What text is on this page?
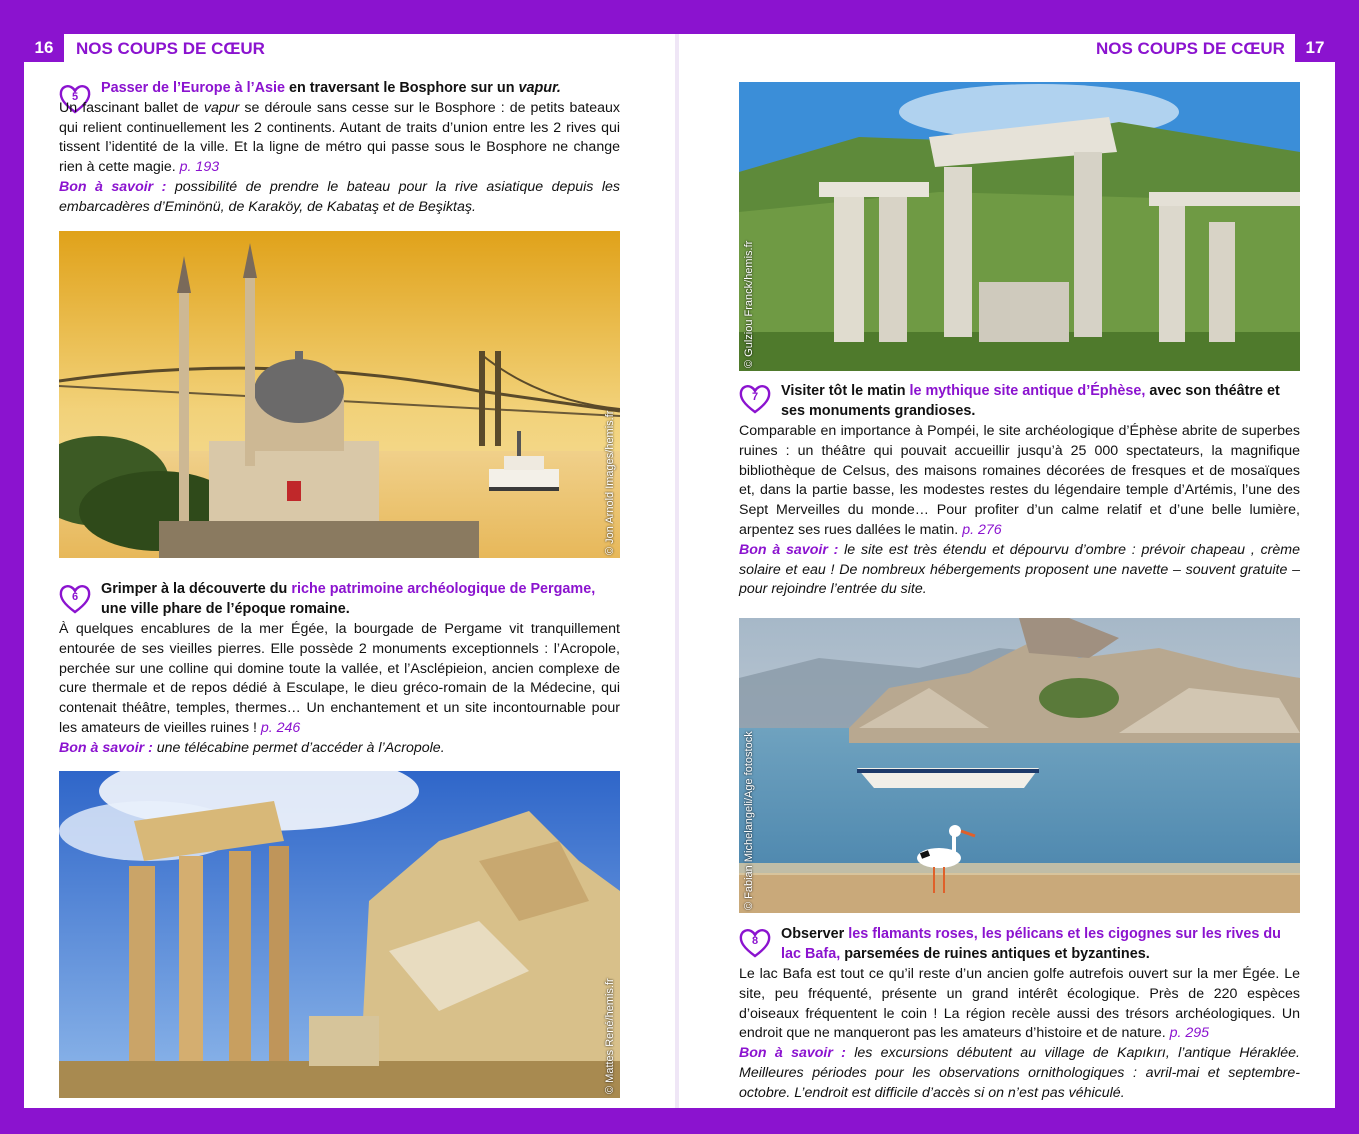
16	NOS COUPS DE CŒUR	NOS COUPS DE CŒUR	17
5
Passer de l’Europe à l’Asie en traversant le Bosphore sur un vapur.
Un fascinant ballet de vapur se déroule sans cesse sur le Bosphore : de petits bateaux qui relient continuellement les 2 continents. Autant de traits d’union entre les 2 rives qui tissent l’identité de la ville. Et la ligne de métro qui passe sous le Bosphore ne change rien à cette magie. p. 193
Bon à savoir : possibilité de prendre le bateau pour la rive asiatique depuis les embarcadères d’Eminönü, de Karaköy, de Kabataş et de Beşiktaş.
© Jon Arnold Images/hemis.fr
6	Grimper à la découverte du riche patrimoine archéologique de Pergame, une ville phare de l’époque romaine.
À quelques encablures de la mer Égée, la bourgade de Pergame vit tranquillement entourée de ses vieilles pierres. Elle possède 2 monuments exceptionnels : l’Acropole, perchée sur une colline qui domine toute la vallée, et l’Asclépieion, ancien complexe de cure thermale et de repos dédié à Esculape, le dieu gréco-romain de la Médecine, qui contenait théâtre, temples, thermes… Un enchantement et un site incontournable pour les amateurs de vieilles ruines ! p. 246
Bon à savoir : une télécabine permet d’accéder à l’Acropole.
© Mattes René/hemis.fr
© Gulziou Franck/hemis.fr
7	Visiter tôt le matin le mythique site antique d’Éphèse, avec son théâtre et ses monuments grandioses.
Comparable en importance à Pompéi, le site archéologique d’Éphèse abrite de superbes ruines : un théâtre qui pouvait accueillir jusqu’à 25 000 spectateurs, la magnifique bibliothèque de Celsus, des maisons romaines décorées de fresques et de mosaïques et, dans la partie basse, les modestes restes du légendaire temple d’Artémis, l’une des Sept Merveilles du monde… Pour profiter d’un calme relatif et d’une belle lumière, arpentez ses rues dallées le matin. p. 276
Bon à savoir : le site est très étendu et dépourvu d’ombre : prévoir chapeau , crème solaire et eau ! De nombreux hébergements proposent une navette – souvent gratuite – pour rejoindre l’entrée du site.
© Fabian Michelangeli/Age fotostock
8	Observer les flamants roses, les pélicans et les cigognes sur les rives du lac Bafa, parsemées de ruines antiques et byzantines.
Le lac Bafa est tout ce qu’il reste d’un ancien golfe autrefois ouvert sur la mer Égée. Le site, peu fréquenté, présente un grand intérêt écologique. Près de 220 espèces d’oiseaux fréquentent le coin ! La région recèle aussi des trésors archéologiques. Un endroit que ne manqueront pas les amateurs d’histoire et de nature. p. 295
Bon à savoir : les excursions débutent au village de Kapıkırı, l’antique Héraklée. Meilleures périodes pour les observations ornithologiques : avril-mai et septembre-octobre. L’endroit est difficile d’accès si on n’est pas véhiculé.
